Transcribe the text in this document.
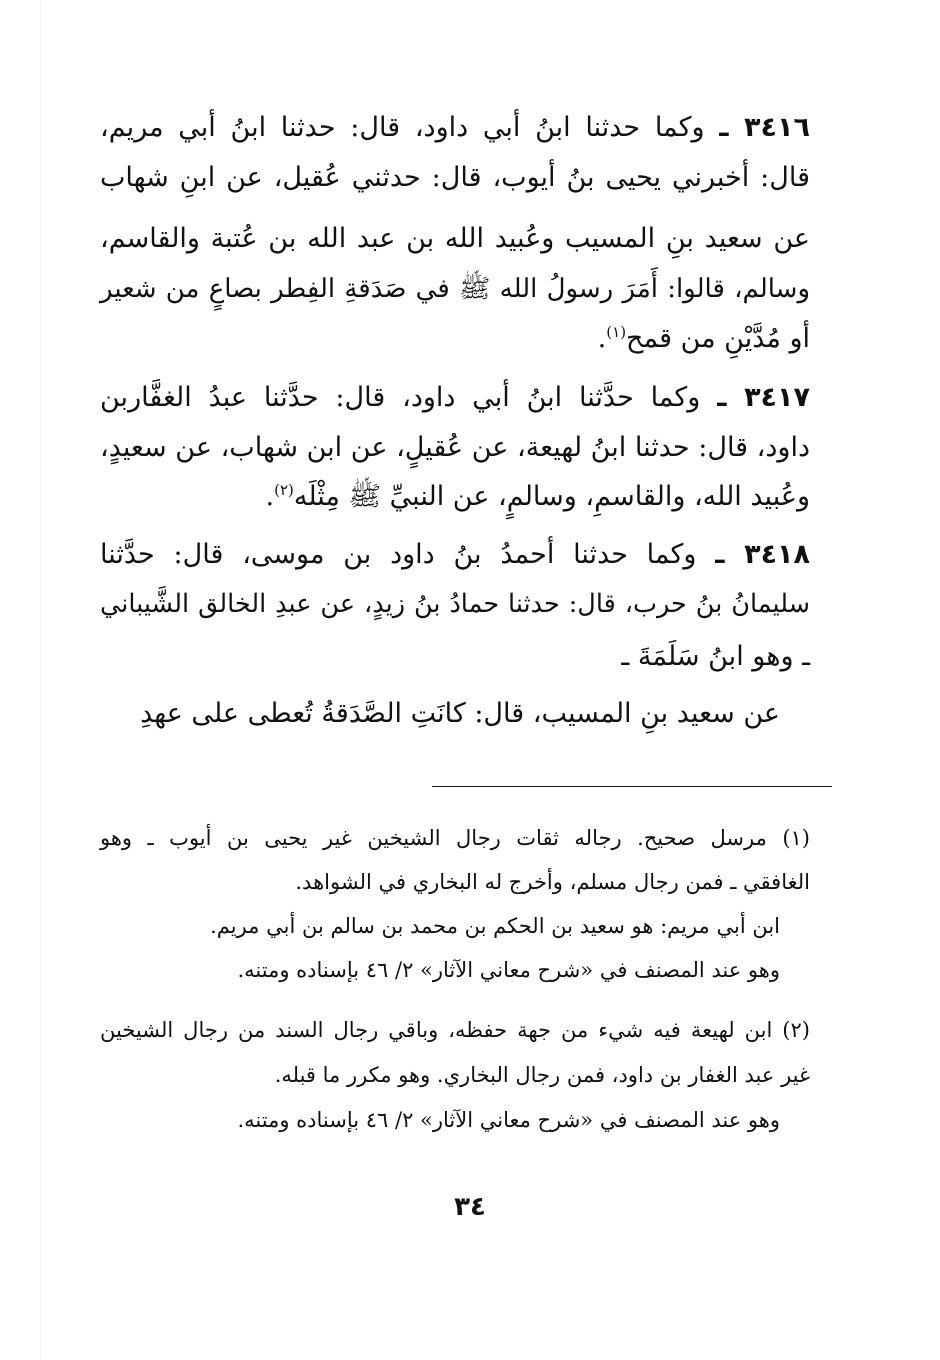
٣٤١٦ ـ وكما حدثنا ابنُ أبي داود، قال: حدثنا ابنُ أبي مريم،
قال: أخبرني يحيى بنُ أيوب، قال: حدثني عُقيل، عن ابنِ شهاب
عن سعيد بنِ المسيب وعُبيد الله بن عبد الله بن عُتبة والقاسم،
وسالم، قالوا: أَمَرَ رسولُ الله ﷺ في صَدَقةِ الفِطر بصاعٍ من شعير
أو مُدَّيْنِ من قمح$^{(١)}$.
٣٤١٧ ـ وكما حدَّثنا ابنُ أبي داود، قال: حدَّثنا عبدُ الغفَّاربن
داود، قال: حدثنا ابنُ لهيعة، عن عُقيلٍ، عن ابن شهاب، عن سعيدٍ،
وعُبيد الله، والقاسمِ، وسالمٍ، عن النبيِّ ﷺ مِثْلَه$^{(٢)}$.
٣٤١٨ ـ وكما حدثنا أحمدُ بنُ داود بن موسى، قال: حدَّثنا
سليمانُ بنُ حرب، قال: حدثنا حمادُ بنُ زيدٍ، عن عبدِ الخالق الشَّيباني
ـ وهو ابنُ سَلَمَةَ ـ
عن سعيد بنِ المسيب، قال: كانَتِ الصَّدَقةُ تُعطى على عهدِ
(١) مرسل صحيح. رجاله ثقات رجال الشيخين غير يحيى بن أيوب ـ وهو
الغافقي ـ فمن رجال مسلم، وأخرج له البخاري في الشواهد.
ابن أبي مريم: هو سعيد بن الحكم بن محمد بن سالم بن أبي مريم.
وهو عند المصنف في «شرح معاني الآثار» ٢/ ٤٦ بإسناده ومتنه.
(٢) ابن لهيعة فيه شيء من جهة حفظه، وباقي رجال السند من رجال الشيخين
غير عبد الغفار بن داود، فمن رجال البخاري. وهو مكرر ما قبله.
وهو عند المصنف في «شرح معاني الآثار» ٢/ ٤٦ بإسناده ومتنه.
٣٤
